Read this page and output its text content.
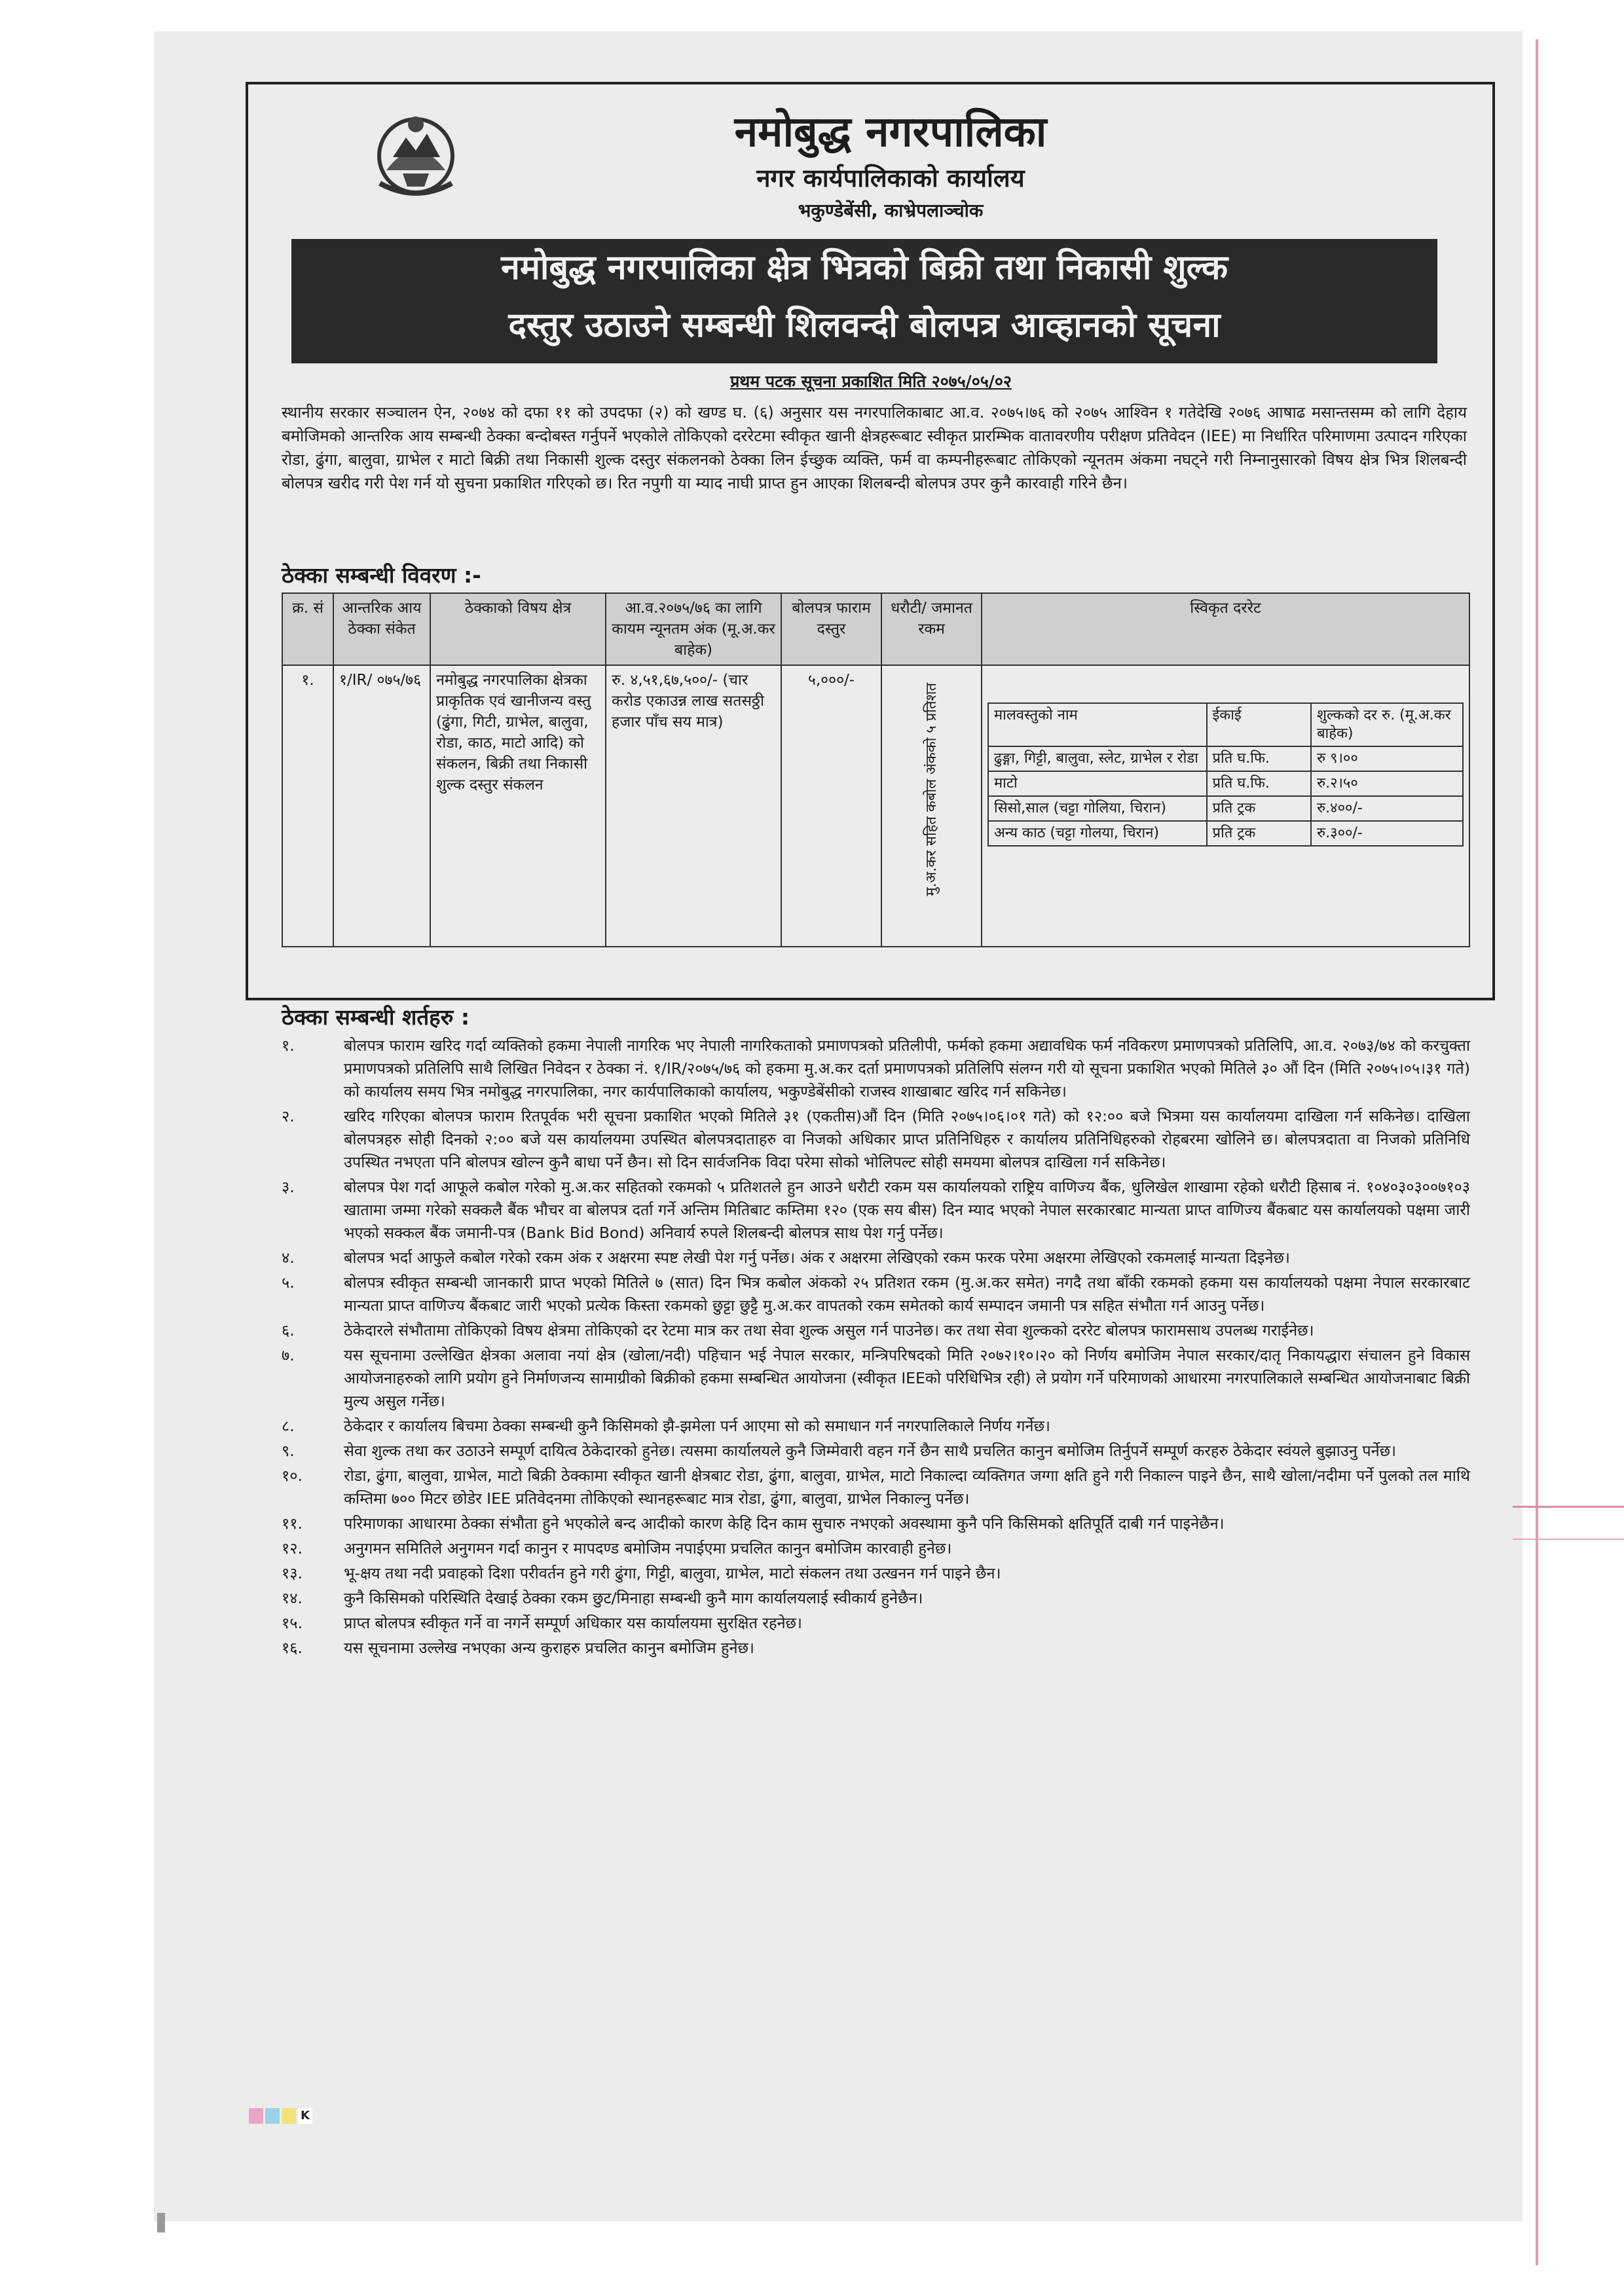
नमोबुद्ध नगरपालिका
नगर कार्यपालिकाको कार्यालय
भकुण्डेबेंसी, काभ्रेपलाञ्चोक
नमोबुद्ध नगरपालिका क्षेत्र भित्रको बिक्री तथा निकासी शुल्क
दस्तुर उठाउने सम्बन्धी शिलवन्दी बोलपत्र आव्हानको सूचना
प्रथम पटक सूचना प्रकाशित मिति २०७५/०५/०२
स्थानीय सरकार सञ्चालन ऐन, २०७४ को दफा ११ को उपदफा (२) को खण्ड घ. (६) अनुसार यस नगरपालिकाबाट आ.व. २०७५।७६ को २०७५ आश्विन १ गतेदेखि २०७६ आषाढ मसान्तसम्म को लागि देहाय बमोजिमको आन्तरिक आय सम्बन्धी ठेक्का बन्दोबस्त गर्नुपर्ने भएकोले तोकिएको दररेटमा स्वीकृत खानी क्षेत्रहरूबाट स्वीकृत प्रारम्भिक वातावरणीय परीक्षण प्रतिवेदन (IEE) मा निर्धारित परिमाणमा उत्पादन गरिएका रोडा, ढुंगा, बालुवा, ग्राभेल र माटो बिक्री तथा निकासी शुल्क दस्तुर संकलनको ठेक्का लिन ईच्छुक व्यक्ति, फर्म वा कम्पनीहरूबाट तोकिएको न्यूनतम अंकमा नघट्ने गरी निम्नानुसारको विषय क्षेत्र भित्र शिलबन्दी बोलपत्र खरीद गरी पेश गर्न यो सुचना प्रकाशित गरिएको छ। रित नपुगी या म्याद नाघी प्राप्त हुन आएका शिलबन्दी बोलपत्र उपर कुनै कारवाही गरिने छैन।
ठेक्का सम्बन्धी विवरण :-
क्र. सं	आन्तरिक आय ठेक्का संकेत	ठेक्काको विषय क्षेत्र	आ.व.२०७५/७६ का लागि कायम न्यूनतम अंक (मू.अ.कर बाहेक)	बोलपत्र फाराम दस्तुर	धरौटी/ जमानत रकम	स्विकृत दररेट
१.	१/IR/ ०७५/७६	नमोबुद्ध नगरपालिका क्षेत्रका प्राकृतिक एवं खानीजन्य वस्तु (ढुंगा, गिटी, ग्राभेल, बालुवा, रोडा, काठ, माटो आदि) को संकलन, बिक्री तथा निकासी शुल्क दस्तुर संकलन	रु. ४,५१,६७,५००/- (चार करोड एकाउन्न लाख सतसठ्ठी हजार पाँच सय मात्र)	५,०००/-	
मु.अ.कर सहित कबोल अंकको ५ प्रतिशत
		मालवस्तुको नाम	ईकाई	शुल्कको दर रु. (मू.अ.कर बाहेक)
ढुङ्गा, गिट्टी, बालुवा, स्लेट, ग्राभेल र रोडा	प्रति घ.फि.	रु ९।००
माटो	प्रति घ.फि.	रु.२।५०
सिसो,साल (चट्टा गोलिया, चिरान)	प्रति ट्रक	रु.४००/-
अन्य काठ (चट्टा गोलया, चिरान)	प्रति ट्रक	रु.३००/-
ठेक्का सम्बन्धी शर्तहरु :
१.	बोलपत्र फाराम खरिद गर्दा व्यक्तिको हकमा नेपाली नागरिक भए नेपाली नागरिकताको प्रमाणपत्रको प्रतिलीपी, फर्मको हकमा अद्यावधिक फर्म नविकरण प्रमाणपत्रको प्रतिलिपि, आ.व. २०७३/७४ को करचुक्ता प्रमाणपत्रको प्रतिलिपि साथै लिखित निवेदन र ठेक्का नं. १/IR/२०७५/७६ को हकमा मु.अ.कर दर्ता प्रमाणपत्रको प्रतिलिपि संलग्न गरी यो सूचना प्रकाशित भएको मितिले ३० औं दिन (मिति २०७५।०५।३१ गते) को कार्यालय समय भित्र नमोबुद्ध नगरपालिका, नगर कार्यपालिकाको कार्यालय, भकुण्डेबेंसीको राजस्व शाखाबाट खरिद गर्न सकिनेछ।
२.	खरिद गरिएका बोलपत्र फाराम रितपूर्वक भरी सूचना प्रकाशित भएको मितिले ३१ (एकतीस)औं दिन (मिति २०७५।०६।०१ गते) को १२:०० बजे भित्रमा यस कार्यालयमा दाखिला गर्न सकिनेछ। दाखिला बोलपत्रहरु सोही दिनको २:०० बजे यस कार्यालयमा उपस्थित बोलपत्रदाताहरु वा निजको अधिकार प्राप्त प्रतिनिधिहरु र कार्यालय प्रतिनिधिहरुको रोहबरमा खोलिने छ। बोलपत्रदाता वा निजको प्रतिनिधि उपस्थित नभएता पनि बोलपत्र खोल्न कुनै बाधा पर्ने छैन। सो दिन सार्वजनिक विदा परेमा सोको भोलिपल्ट सोही समयमा बोलपत्र दाखिला गर्न सकिनेछ।
३.	बोलपत्र पेश गर्दा आफूले कबोल गरेको मु.अ.कर सहितको रकमको ५ प्रतिशतले हुन आउने धरौटी रकम यस कार्यालयको राष्ट्रिय वाणिज्य बैंक, धुलिखेल शाखामा रहेको धरौटी हिसाब नं. १०४०३०३००७१०३ खातामा जम्मा गरेको सक्कलै बैंक भौचर वा बोलपत्र दर्ता गर्ने अन्तिम मितिबाट कम्तिमा १२० (एक सय बीस) दिन म्याद भएको नेपाल सरकारबाट मान्यता प्राप्त वाणिज्य बैंकबाट यस कार्यालयको पक्षमा जारी भएको सक्कल बैंक जमानी-पत्र (Bank Bid Bond) अनिवार्य रुपले शिलबन्दी बोलपत्र साथ पेश गर्नु पर्नेछ।
४.	बोलपत्र भर्दा आफुले कबोल गरेको रकम अंक र अक्षरमा स्पष्ट लेखी पेश गर्नु पर्नेछ। अंक र अक्षरमा लेखिएको रकम फरक परेमा अक्षरमा लेखिएको रकमलाई मान्यता दिइनेछ।
५.	बोलपत्र स्वीकृत सम्बन्धी जानकारी प्राप्त भएको मितिले ७ (सात) दिन भित्र कबोल अंकको २५ प्रतिशत रकम (मु.अ.कर समेत) नगदै तथा बाँकी रकमको हकमा यस कार्यालयको पक्षमा नेपाल सरकारबाट मान्यता प्राप्त वाणिज्य बैंकबाट जारी भएको प्रत्येक किस्ता रकमको छुट्टा छुट्टै मु.अ.कर वापतको रकम समेतको कार्य सम्पादन जमानी पत्र सहित संभौता गर्न आउनु पर्नेछ।
६.	ठेकेदारले संभौतामा तोकिएको विषय क्षेत्रमा तोकिएको दर रेटमा मात्र कर तथा सेवा शुल्क असुल गर्न पाउनेछ। कर तथा सेवा शुल्कको दररेट बोलपत्र फारामसाथ उपलब्ध गराईनेछ।
७.	यस सूचनामा उल्लेखित क्षेत्रका अलावा नयां क्षेत्र (खोला/नदी) पहिचान भई नेपाल सरकार, मन्त्रिपरिषदको मिति २०७२।१०।२० को निर्णय बमोजिम नेपाल सरकार/दातृ निकायद्धारा संचालन हुने विकास आयोजनाहरुको लागि प्रयोग हुने निर्माणजन्य सामाग्रीको बिक्रीको हकमा सम्बन्धित आयोजना (स्वीकृत IEEको परिधिभित्र रही) ले प्रयोग गर्ने परिमाणको आधारमा नगरपालिकाले सम्बन्धित आयोजनाबाट बिक्री मुल्य असुल गर्नेछ।
८.	ठेकेदार र कार्यालय बिचमा ठेक्का सम्बन्धी कुनै किसिमको झै-झमेला पर्न आएमा सो को समाधान गर्न नगरपालिकाले निर्णय गर्नेछ।
९.	सेवा शुल्क तथा कर उठाउने सम्पूर्ण दायित्व ठेकेदारको हुनेछ। त्यसमा कार्यालयले कुनै जिम्मेवारी वहन गर्ने छैन साथै प्रचलित कानुन बमोजिम तिर्नुपर्ने सम्पूर्ण करहरु ठेकेदार स्वंयले बुझाउनु पर्नेछ।
१०.	रोडा, ढुंगा, बालुवा, ग्राभेल, माटो बिक्री ठेक्कामा स्वीकृत खानी क्षेत्रबाट रोडा, ढुंगा, बालुवा, ग्राभेल, माटो निकाल्दा व्यक्तिगत जग्गा क्षति हुने गरी निकाल्न पाइने छैन, साथै खोला/नदीमा पर्ने पुलको तल माथि कम्तिमा ७०० मिटर छोडेर IEE प्रतिवेदनमा तोकिएको स्थानहरूबाट मात्र रोडा, ढुंगा, बालुवा, ग्राभेल निकाल्नु पर्नेछ।
११.	परिमाणका आधारमा ठेक्का संभौता हुने भएकोले बन्द आदीको कारण केहि दिन काम सुचारु नभएको अवस्थामा कुनै पनि किसिमको क्षतिपूर्ति दाबी गर्न पाइनेछैन।
१२.	अनुगमन समितिले अनुगमन गर्दा कानुन र मापदण्ड बमोजिम नपाईएमा प्रचलित कानुन बमोजिम कारवाही हुनेछ।
१३.	भू-क्षय तथा नदी प्रवाहको दिशा परीवर्तन हुने गरी ढुंगा, गिट्टी, बालुवा, ग्राभेल, माटो संकलन तथा उत्खनन गर्न पाइने छैन।
१४.	कुनै किसिमको परिस्थिति देखाई ठेक्का रकम छुट/मिनाहा सम्बन्धी कुनै माग कार्यालयलाई स्वीकार्य हुनेछैन।
१५.	प्राप्त बोलपत्र स्वीकृत गर्ने वा नगर्ने सम्पूर्ण अधिकार यस कार्यालयमा सुरक्षित रहनेछ।
१६.	यस सूचनामा उल्लेख नभएका अन्य कुराहरु प्रचलित कानुन बमोजिम हुनेछ।
K
